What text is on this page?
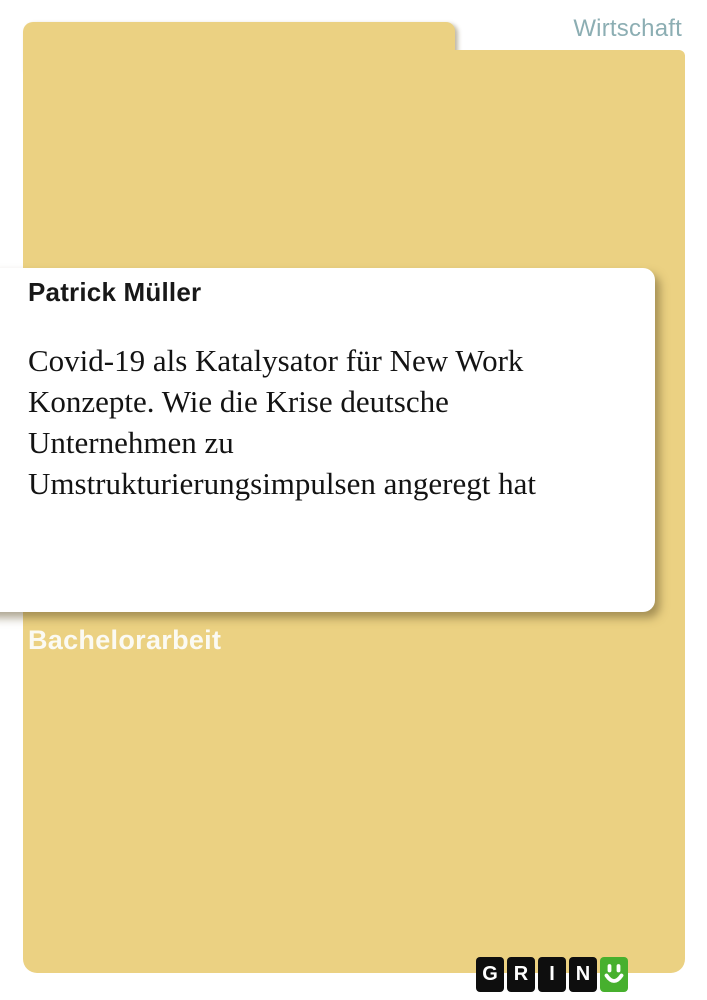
Wirtschaft
Patrick Müller
Covid-19 als Katalysator für New Work
Konzepte. Wie die Krise deutsche
Unternehmen zu
Umstrukturierungsimpulsen angeregt hat
Bachelorarbeit
G R	I	N
